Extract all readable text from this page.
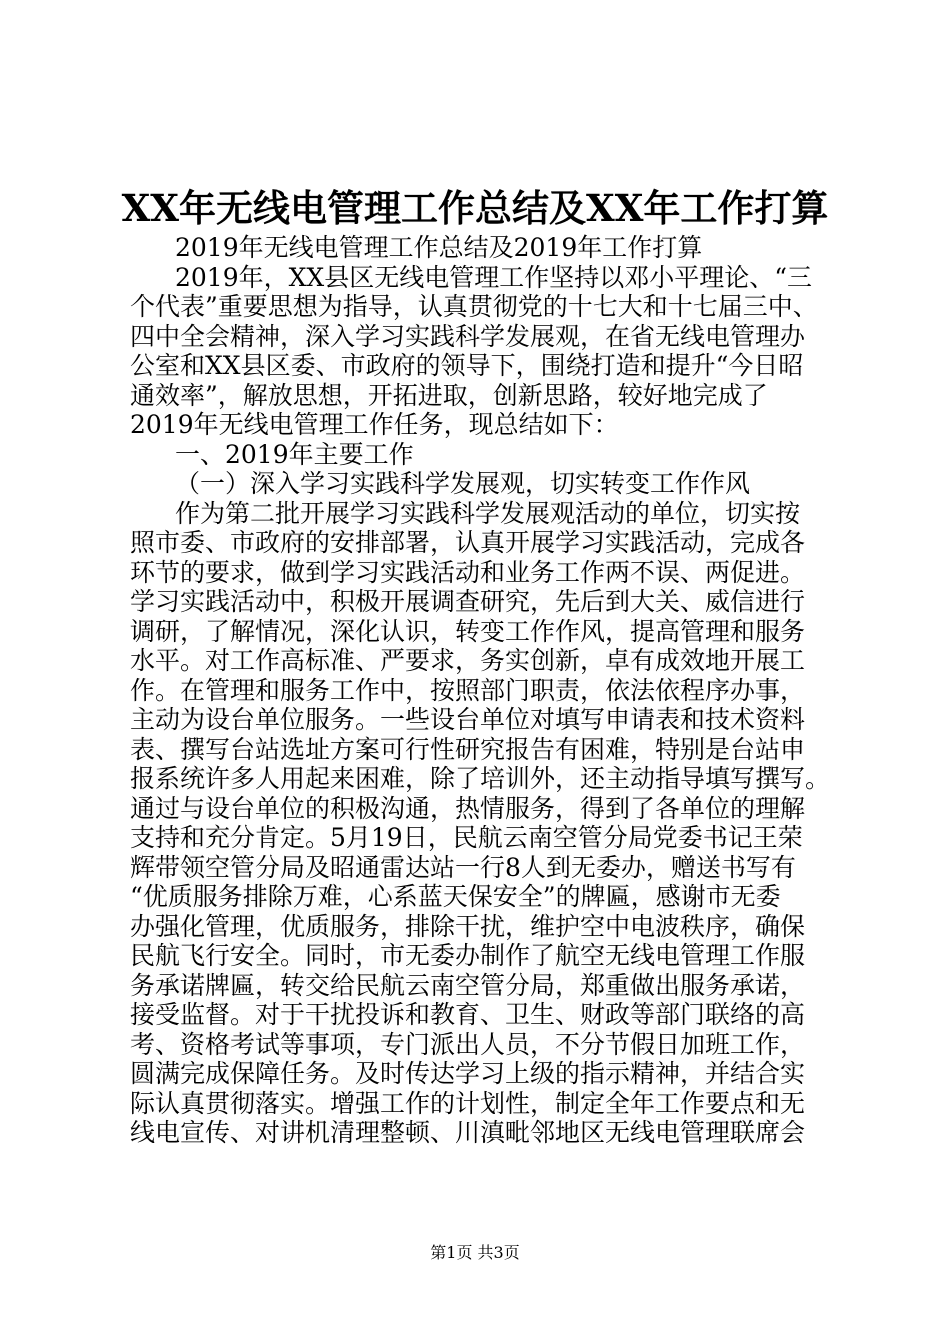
XX年无线电管理工作总结及XX年工作打算
2019年无线电管理工作总结及2019年工作打算
2019年，XX县区无线电管理工作坚持以邓小平理论、“三
个代表”重要思想为指导，认真贯彻党的十七大和十七届三中、
四中全会精神，深入学习实践科学发展观，在省无线电管理办
公室和XX县区委、市政府的领导下，围绕打造和提升“今日昭
通效率”，解放思想，开拓进取，创新思路，较好地完成了
2019年无线电管理工作任务，现总结如下：
一、2019年主要工作
（一）深入学习实践科学发展观，切实转变工作作风
作为第二批开展学习实践科学发展观活动的单位，切实按
照市委、市政府的安排部署，认真开展学习实践活动，完成各
环节的要求，做到学习实践活动和业务工作两不误、两促进。
学习实践活动中，积极开展调查研究，先后到大关、威信进行
调研，了解情况，深化认识，转变工作作风，提高管理和服务
水平。对工作高标准、严要求，务实创新，卓有成效地开展工
作。在管理和服务工作中，按照部门职责，依法依程序办事，
主动为设台单位服务。一些设台单位对填写申请表和技术资料
表、撰写台站选址方案可行性研究报告有困难，特别是台站申
报系统许多人用起来困难，除了培训外，还主动指导填写撰写。
通过与设台单位的积极沟通，热情服务，得到了各单位的理解
支持和充分肯定。5月19日，民航云南空管分局党委书记王荣
辉带领空管分局及昭通雷达站一行8人到无委办，赠送书写有
“优质服务排除万难，心系蓝天保安全”的牌匾，感谢市无委
办强化管理，优质服务，排除干扰，维护空中电波秩序，确保
民航飞行安全。同时，市无委办制作了航空无线电管理工作服
务承诺牌匾，转交给民航云南空管分局，郑重做出服务承诺，
接受监督。对于干扰投诉和教育、卫生、财政等部门联络的高
考、资格考试等事项，专门派出人员，不分节假日加班工作，
圆满完成保障任务。及时传达学习上级的指示精神，并结合实
际认真贯彻落实。增强工作的计划性，制定全年工作要点和无
线电宣传、对讲机清理整顿、川滇毗邻地区无线电管理联席会
第1页 共3页
